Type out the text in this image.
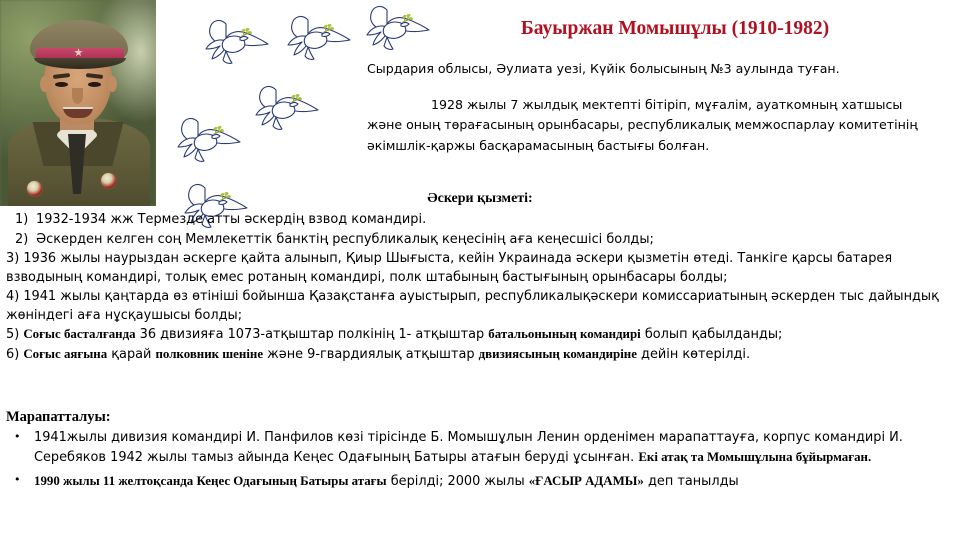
Бауыржан Момышұлы (1910-1982)
Сырдария облысы, Әулиата уезі, Күйік болысының №3 аулында туған.
1928 жылы 7 жылдық мектепті бітіріп, мұғалім, ауаткомның хатшысы және оның төрағасының орынбасары, республикалық мемжоспарлау комитетінің әкімшлік-қаржы басқарамасының бастығы болған.
Әскери қызметі:
1) 1932-1934 жж Термезде атты әскердің взвод командирі.
2) Әскерден келген соң Мемлекеттік банктің республикалық кеңесінің аға кеңесшісі болды;
3) 1936 жылы наурыздан әскерге қайта алынып, Қиыр Шығыста, кейін Украинада әскери қызметін өтеді. Танкіге қарсы батарея взводының командирі, толық емес ротаның командирі, полк штабының бастығының орынбасары болды;
4) 1941 жылы қаңтарда өз өтініші бойынша Қазақстанға ауыстырып, республикалықәскери комиссариатының әскерден тыс дайындық жөніндегі аға нұсқаушысы болды;
5) Соғыс басталғанда 36 двизияға 1073-атқыштар полкінің 1- атқыштар батальонының командирі болып қабылданды;
6) Соғыс аяғына қарай полковник шеніне және 9-гвардиялық атқыштар двизиясының командиріне дейін көтерілді.
Марапатталуы:
•	1941жылы дивизия командирі И. Панфилов көзі тірісінде Б. Момышұлын Ленин орденімен марапаттауға, корпус командирі И. Серебяков 1942 жылы тамыз айында Кеңес Одағының Батыры атағын беруді ұсынған. Екі атақ та Момышұлына бұйырмаған.
•	1990 жылы 11 желтоқсанда Кеңес Одағының Батыры атағы берілді; 2000 жылы «ҒАСЫР АДАМЫ» деп танылды
